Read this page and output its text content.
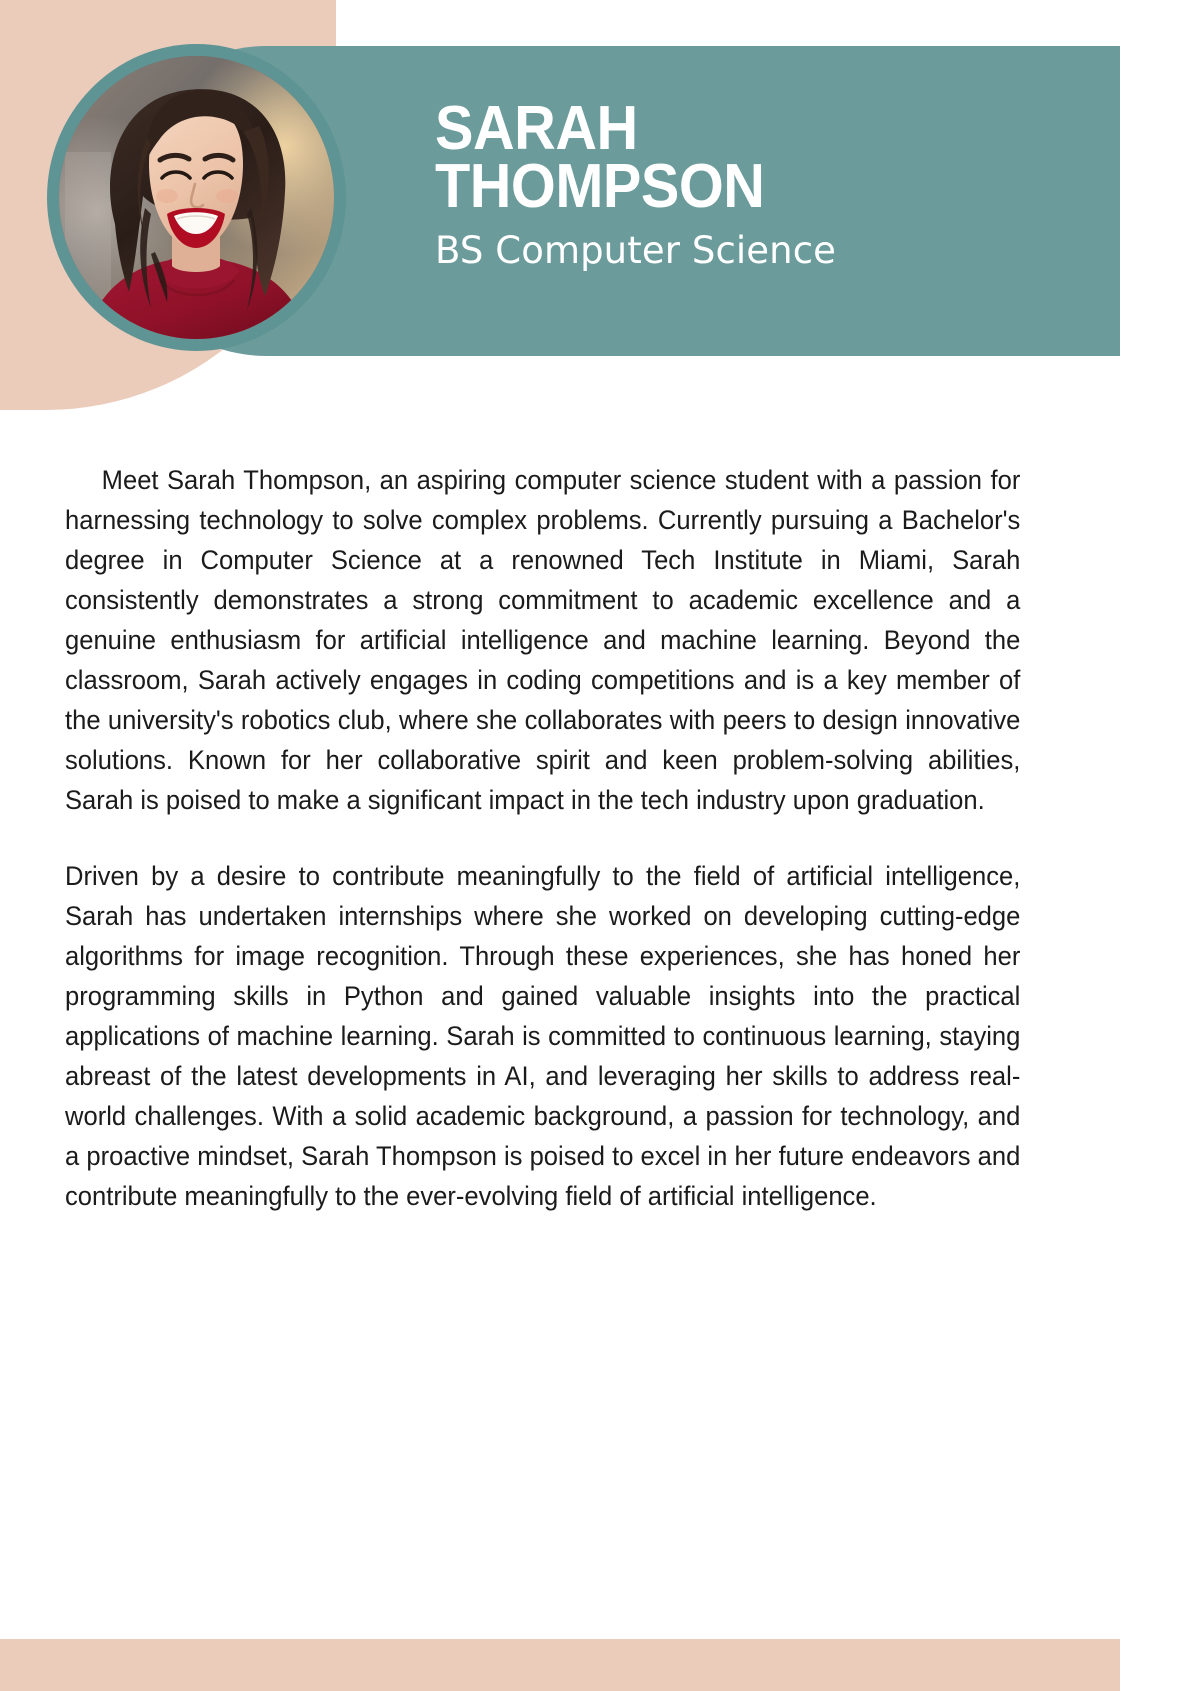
SARAH
THOMPSON
BS Computer Science

Meet Sarah Thompson, an aspiring computer science student with a passion for harnessing technology to solve complex problems. Currently pursuing a Bachelor's degree in Computer Science at a renowned Tech Institute in Miami, Sarah consistently demonstrates a strong commitment to academic excellence and a genuine enthusiasm for artificial intelligence and machine learning. Beyond the classroom, Sarah actively engages in coding competitions and is a key member of the university's robotics club, where she collaborates with peers to design innovative solutions. Known for her collaborative spirit and keen problem-solving abilities, Sarah is poised to make a significant impact in the tech industry upon graduation.

Driven by a desire to contribute meaningfully to the field of artificial intelligence, Sarah has undertaken internships where she worked on developing cutting-edge algorithms for image recognition. Through these experiences, she has honed her programming skills in Python and gained valuable insights into the practical applications of machine learning. Sarah is committed to continuous learning, staying abreast of the latest developments in AI, and leveraging her skills to address real-world challenges. With a solid academic background, a passion for technology, and a proactive mindset, Sarah Thompson is poised to excel in her future endeavors and contribute meaningfully to the ever-evolving field of artificial intelligence.
